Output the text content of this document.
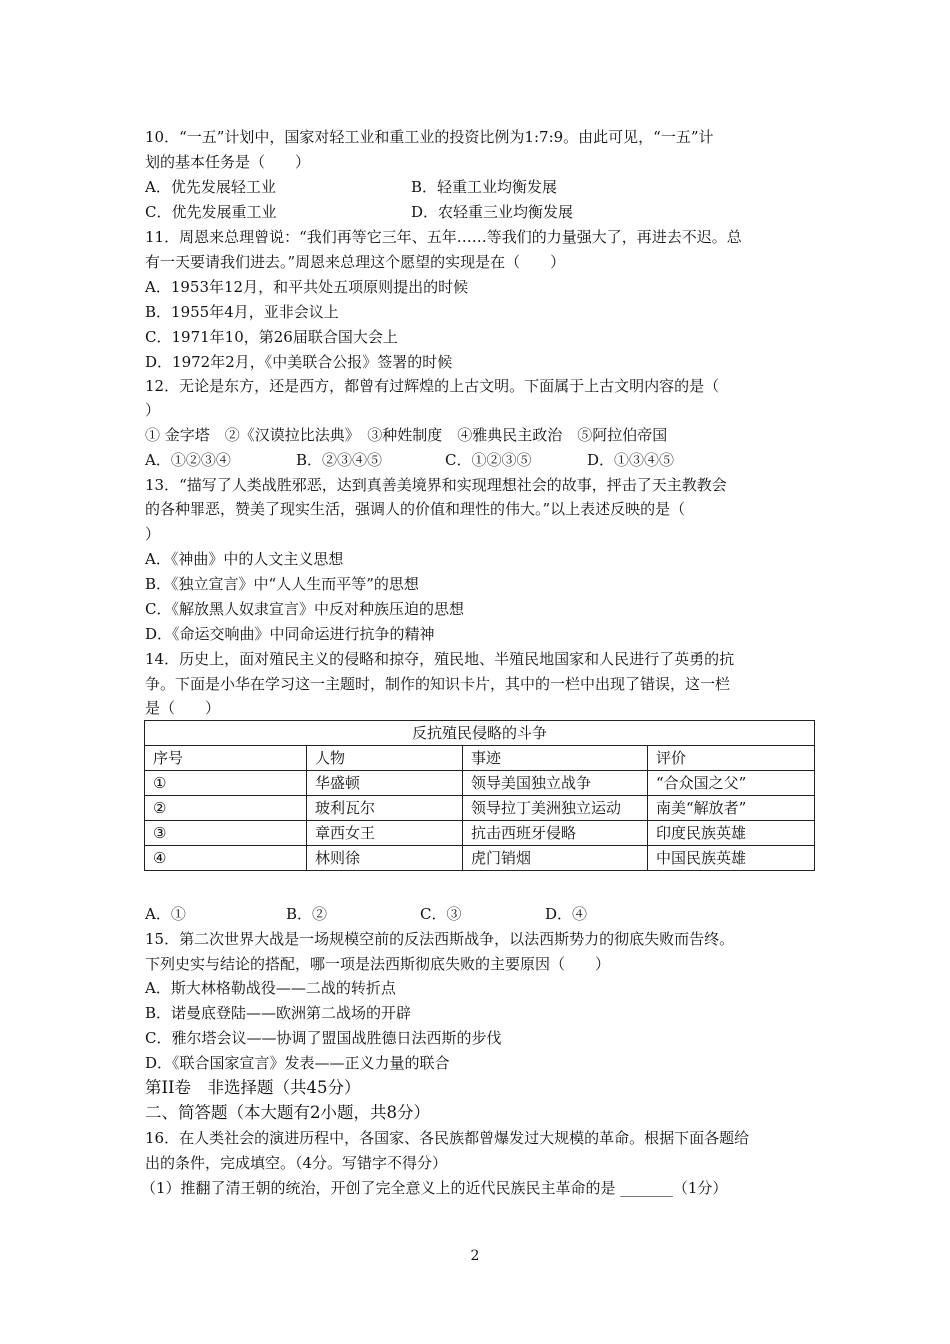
10．“一五”计划中，国家对轻工业和重工业的投资比例为1:7:9。由此可见，“一五”计
划的基本任务是（　　）
A．优先发展轻工业	B．轻重工业均衡发展
C．优先发展重工业	D．农轻重三业均衡发展
11．周恩来总理曾说：“我们再等它三年、五年……等我们的力量强大了，再进去不迟。总
有一天要请我们进去。”周恩来总理这个愿望的实现是在（　　）
A．1953年12月，和平共处五项原则提出的时候
B．1955年4月，亚非会议上
C．1971年10，第26届联合国大会上
D．1972年2月，《中美联合公报》签署的时候
12．无论是东方，还是西方，都曾有过辉煌的上古文明。下面属于上古文明内容的是（
）
① 金字塔　②《汉谟拉比法典》　③种姓制度　④雅典民主政治　⑤阿拉伯帝国
A．①②③④	B．②③④⑤	C．①②③⑤	D．①③④⑤
13．“描写了人类战胜邪恶，达到真善美境界和实现理想社会的故事，抨击了天主教教会
的各种罪恶，赞美了现实生活，强调人的价值和理性的伟大。”以上表述反映的是（
）
A．《神曲》中的人文主义思想
B．《独立宣言》中“人人生而平等”的思想
C．《解放黑人奴隶宣言》中反对种族压迫的思想
D．《命运交响曲》中同命运进行抗争的精神
14．历史上，面对殖民主义的侵略和掠夺，殖民地、半殖民地国家和人民进行了英勇的抗
争。下面是小华在学习这一主题时，制作的知识卡片，其中的一栏中出现了错误，这一栏
是（　　）
反抗殖民侵略的斗争			
序号	人物	事迹	评价
①	华盛顿	领导美国独立战争	“合众国之父”
②	玻利瓦尔	领导拉丁美洲独立运动	南美“解放者”
③	章西女王	抗击西班牙侵略	印度民族英雄
④	林则徐	虎门销烟	中国民族英雄
A．①	B．②	C．③	D．④
15．第二次世界大战是一场规模空前的反法西斯战争，以法西斯势力的彻底失败而告终。
下列史实与结论的搭配，哪一项是法西斯彻底失败的主要原因（　　）
A．斯大林格勒战役——二战的转折点
B．诺曼底登陆——欧洲第二战场的开辟
C．雅尔塔会议——协调了盟国战胜德日法西斯的步伐
D．《联合国家宣言》发表——正义力量的联合
第II卷　非选择题（共45分）
二、简答题（本大题有2小题，共8分）
16．在人类社会的演进历程中，各国家、各民族都曾爆发过大规模的革命。根据下面各题给
出的条件，完成填空。（4分。写错字不得分）
（1）推翻了清王朝的统治，开创了完全意义上的近代民族民主革命的是 _______（1分）
2
